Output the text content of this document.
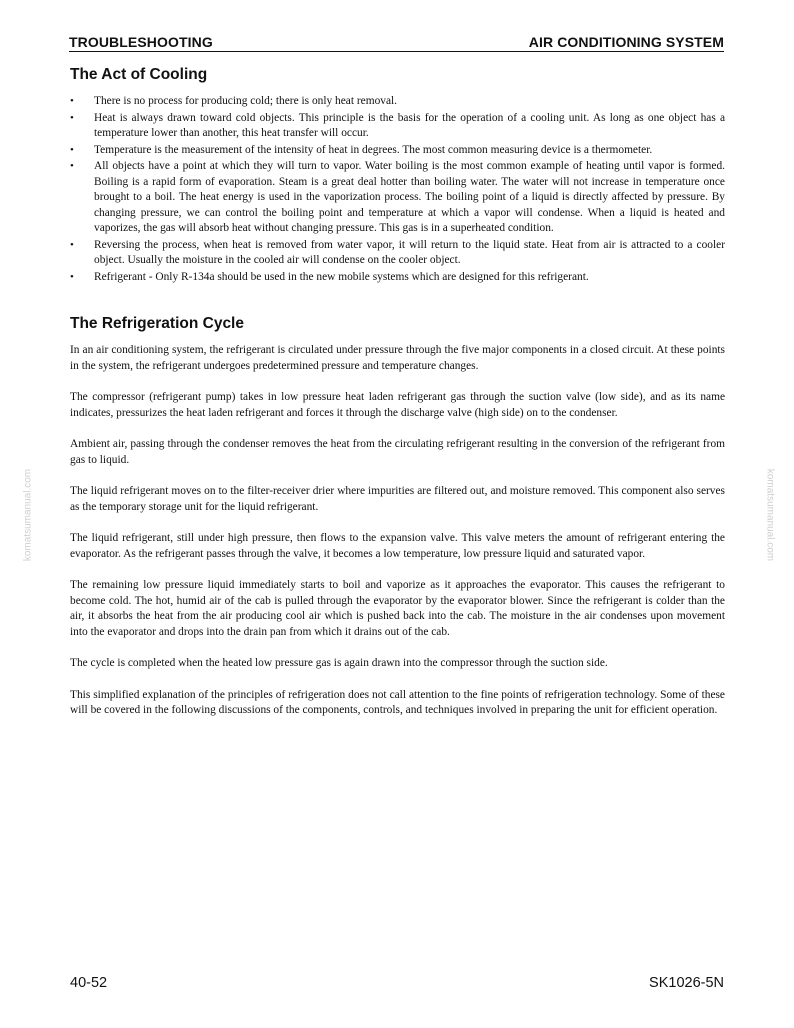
TROUBLESHOOTING	AIR CONDITIONING SYSTEM
The Act of Cooling
• There is no process for producing cold; there is only heat removal.
• Heat is always drawn toward cold objects. This principle is the basis for the operation of a cooling unit. As long as one object has a temperature lower than another, this heat transfer will occur.
• Temperature is the measurement of the intensity of heat in degrees. The most common measuring device is a thermometer.
• All objects have a point at which they will turn to vapor. Water boiling is the most common example of heating until vapor is formed. Boiling is a rapid form of evaporation. Steam is a great deal hotter than boiling water. The water will not increase in temperature once brought to a boil. The heat energy is used in the vaporization process. The boiling point of a liquid is directly affected by pressure. By changing pressure, we can control the boiling point and temperature at which a vapor will condense. When a liquid is heated and vaporizes, the gas will absorb heat without changing pressure. This gas is in a superheated condition.
• Reversing the process, when heat is removed from water vapor, it will return to the liquid state. Heat from air is attracted to a cooler object. Usually the moisture in the cooled air will condense on the cooler object.
• Refrigerant - Only R-134a should be used in the new mobile systems which are designed for this refrigerant.
The Refrigeration Cycle

In an air conditioning system, the refrigerant is circulated under pressure through the five major components in a closed circuit. At these points in the system, the refrigerant undergoes predetermined pressure and temperature changes.

The compressor (refrigerant pump) takes in low pressure heat laden refrigerant gas through the suction valve (low side), and as its name indicates, pressurizes the heat laden refrigerant and forces it through the discharge valve (high side) on to the condenser.

Ambient air, passing through the condenser removes the heat from the circulating refrigerant resulting in the conversion of the refrigerant from gas to liquid.

The liquid refrigerant moves on to the filter-receiver drier where impurities are filtered out, and moisture removed. This component also serves as the temporary storage unit for the liquid refrigerant.

The liquid refrigerant, still under high pressure, then flows to the expansion valve. This valve meters the amount of refrigerant entering the evaporator. As the refrigerant passes through the valve, it becomes a low temperature, low pressure liquid and saturated vapor.

The remaining low pressure liquid immediately starts to boil and vaporize as it approaches the evaporator. This causes the refrigerant to become cold. The hot, humid air of the cab is pulled through the evaporator by the evaporator blower. Since the refrigerant is colder than the air, it absorbs the heat from the air producing cool air which is pushed back into the cab. The moisture in the air condenses upon movement into the evaporator and drops into the drain pan from which it drains out of the cab.

The cycle is completed when the heated low pressure gas is again drawn into the compressor through the suction side.

This simplified explanation of the principles of refrigeration does not call attention to the fine points of refrigeration technology. Some of these will be covered in the following discussions of the components, controls, and techniques involved in preparing the unit for efficient operation.

komatsumanual.com	komatsumanual.com
40-52	SK1026-5N
